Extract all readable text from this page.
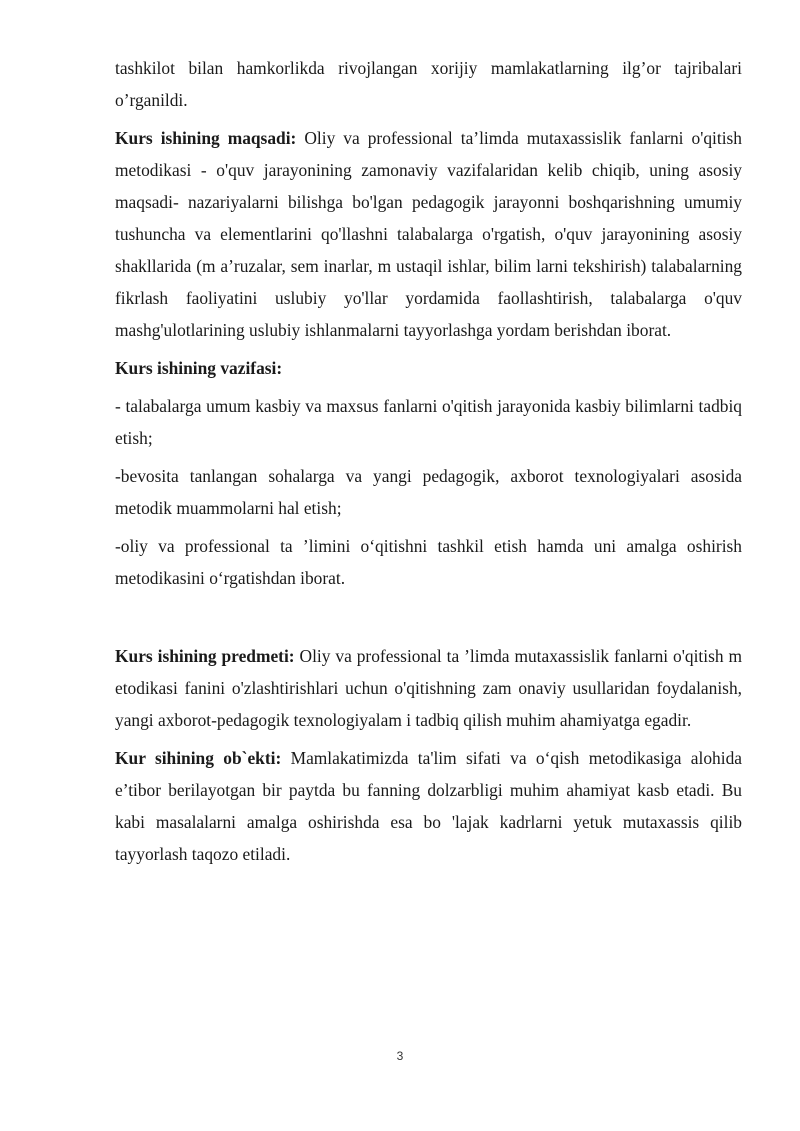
tashkilot bilan hamkorlikda rivojlangan xorijiy mamlakatlarning ilg’or tajribalari o’rganildi.

Kurs ishining maqsadi: Oliy va professional ta’limda mutaxassislik fanlarni o'qitish metodikasi - o'quv jarayonining zamonaviy vazifalaridan kelib chiqib, uning asosiy maqsadi- nazariyalarni bilishga bo'lgan pedagogik jarayonni boshqarishning umumiy tushuncha va elementlarini qo'llashni talabalarga o'rgatish, o'quv jarayonining asosiy shakllarida (m a’ruzalar, sem inarlar, m ustaqil ishlar, bilim larni tekshirish) talabalarning fikrlash faoliyatini uslubiy yo'llar yordamida faollashtirish, talabalarga o'quv mashg'ulotlarining uslubiy ishlanmalarni tayyorlashga yordam berishdan iborat.

Kurs ishining vazifasi:

- talabalarga umum kasbiy va maxsus fanlarni o'qitish jarayonida kasbiy bilimlarni tadbiq etish;

-bevosita tanlangan sohalarga va yangi pedagogik, axborot texnologiyalari asosida metodik muammolarni hal etish;

-oliy va professional ta ’limini o‘qitishni tashkil etish hamda uni amalga oshirish metodikasini o‘rgatishdan iborat.

Kurs ishining predmeti: Oliy va professional ta ’limda mutaxassislik fanlarni o'qitish m etodikasi fanini o'zlashtirishlari uchun o'qitishning zam onaviy usullaridan foydalanish, yangi axborot-pedagogik texnologiyalam i tadbiq qilish muhim ahamiyatga egadir.

Kur sihining ob`ekti: Mamlakatimizda ta'lim sifati va o‘qish metodikasiga alohida e’tibor berilayotgan bir paytda bu fanning dolzarbligi muhim ahamiyat kasb etadi. Bu kabi masalalarni amalga oshirishda esa bo 'lajak kadrlarni yetuk mutaxassis qilib tayyorlash taqozo etiladi.

3
